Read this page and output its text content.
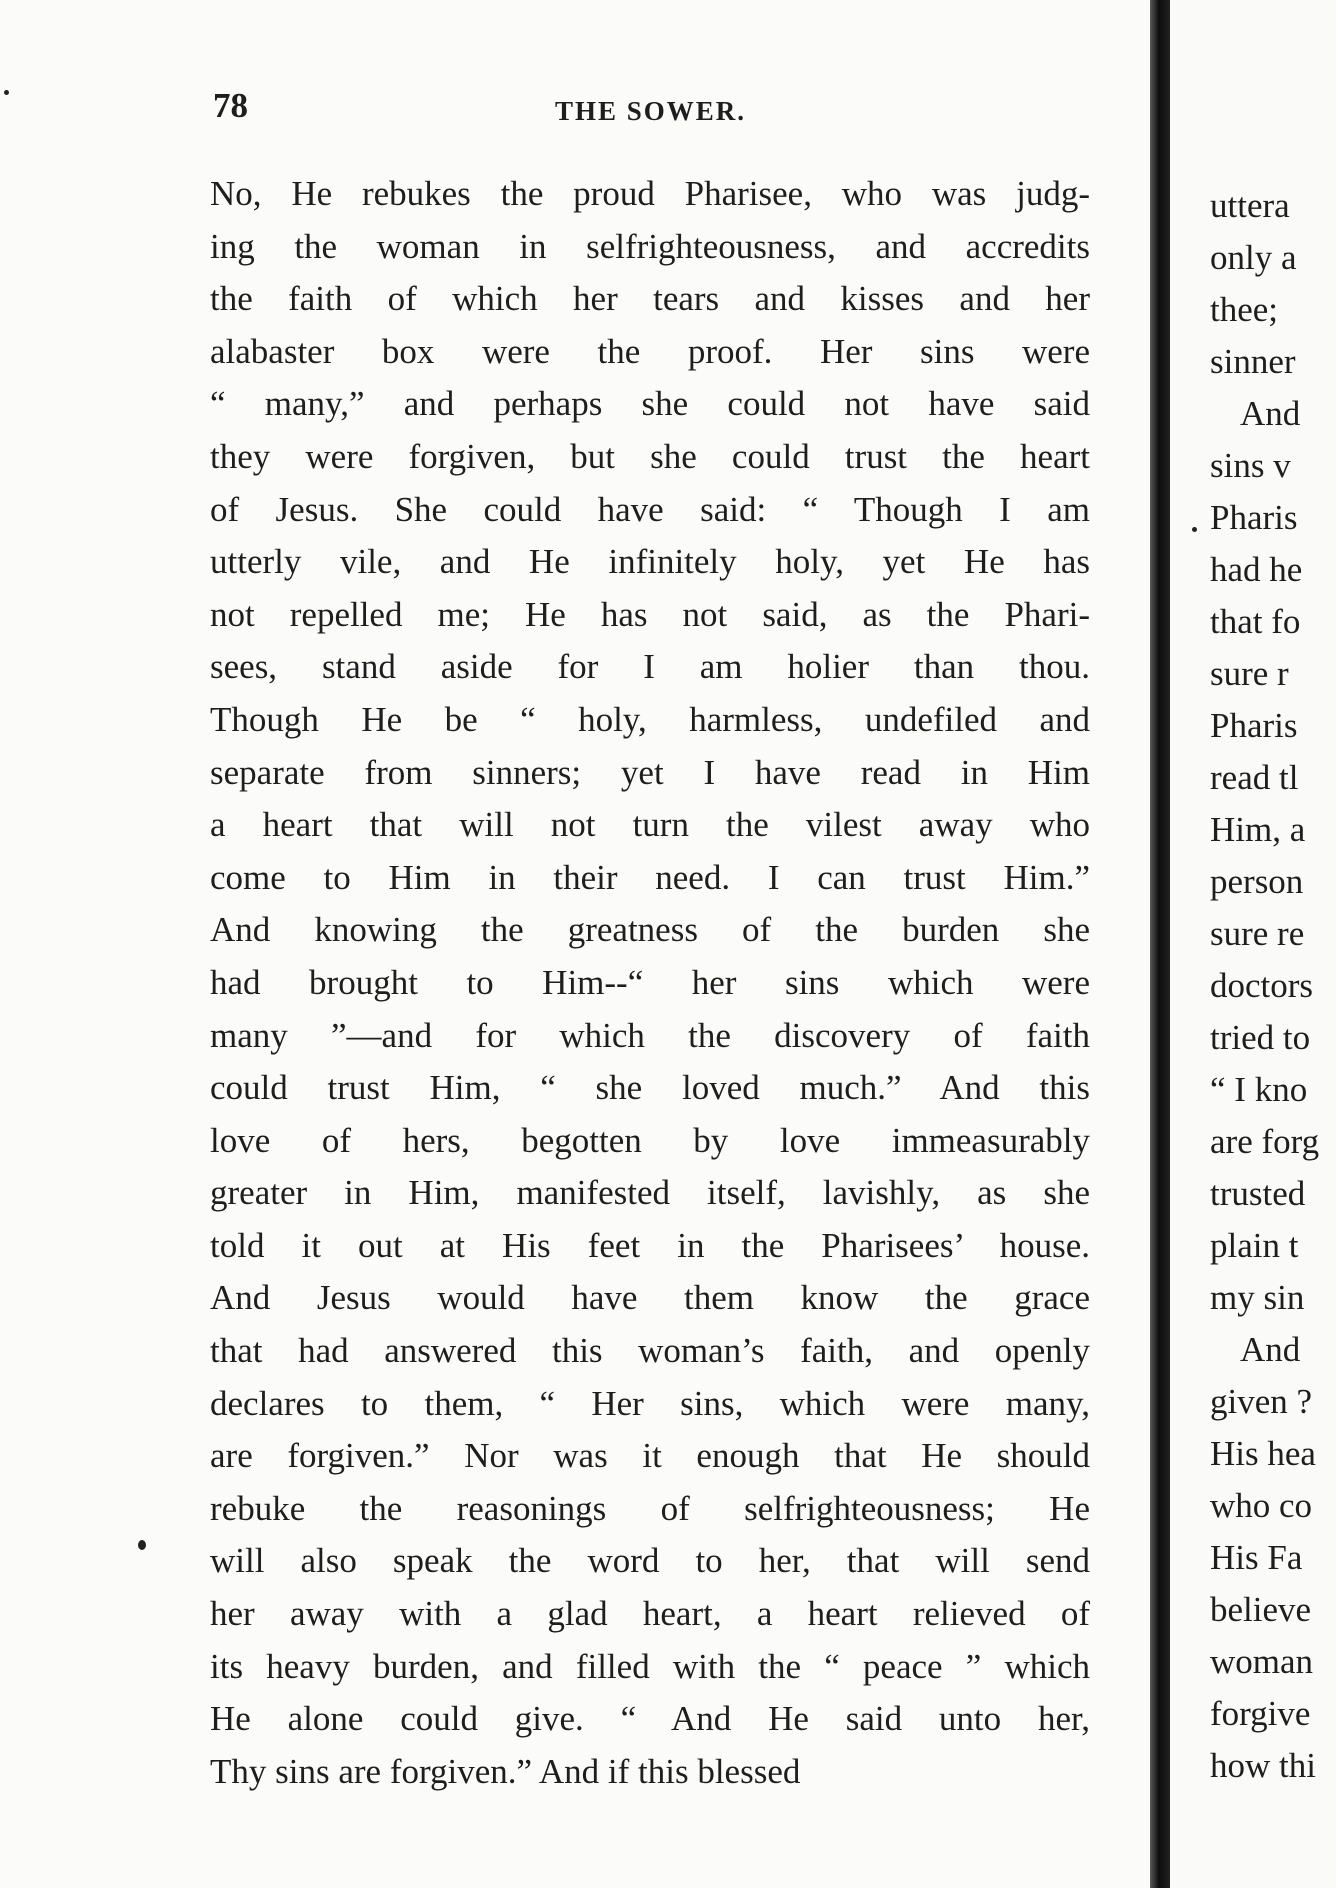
78	THE SOWER.
No, He rebukes the proud Pharisee, who was judg-
ing the woman in selfrighteousness, and accredits
the faith of which her tears and kisses and her
alabaster box were the proof. Her sins were
“ many,” and perhaps she could not have said
they were forgiven, but she could trust the heart
of Jesus. She could have said: “ Though I am
utterly vile, and He infinitely holy, yet He has
not repelled me; He has not said, as the Phari-
sees, stand aside for I am holier than thou.
Though He be “ holy, harmless, undefiled and
separate from sinners; yet I have read in Him
a heart that will not turn the vilest away who
come to Him in their need. I can trust Him.”
And knowing the greatness of the burden she
had brought to Him--“ her sins which were
many ”—and for which the discovery of faith
could trust Him, “ she loved much.” And this
love of hers, begotten by love immeasurably
greater in Him, manifested itself, lavishly, as she
told it out at His feet in the Pharisees’ house.
And Jesus would have them know the grace
that had answered this woman’s faith, and openly
declares to them, “ Her sins, which were many,
are forgiven.” Nor was it enough that He should
rebuke the reasonings of selfrighteousness; He
will also speak the word to her, that will send
her away with a glad heart, a heart relieved of
its heavy burden, and filled with the “ peace ” which
He alone could give. “ And He said unto her,
Thy sins are forgiven.” And if this blessed
uttera
only a
thee;
sinner
And
sins v
Pharis
had he
that fo
sure r
Pharis
read tl
Him, a
person
sure re
doctors
tried to
“ I kno
are forg
trusted
plain t
my sin
And
given ?
His hea
who co
His Fa
believe
woman
forgive
how thi
